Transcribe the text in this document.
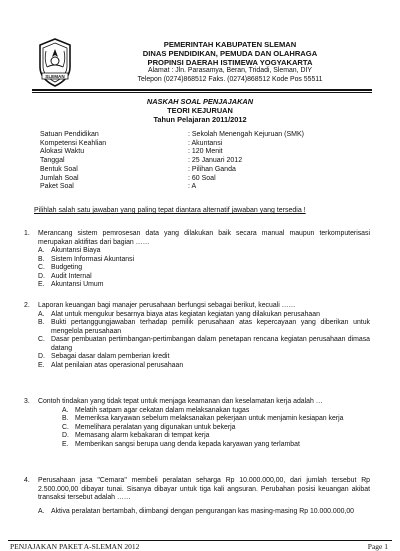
SLEMAN
PEMERINTAH KABUPATEN SLEMAN
DINAS PENDIDIKAN, PEMUDA DAN OLAHRAGA
PROPINSI DAERAH ISTIMEWA YOGYAKARTA
Alamat : Jln. Parasamya, Beran, Tridadi, Sleman, DIY
Telepon (0274)868512 Faks. (0274)868512 Kode Pos 55511
NASKAH SOAL PENJAJAKAN
TEORI KEJURUAN
Tahun Pelajaran 2011/2012
Satuan Pendidikan	: Sekolah Menengah Kejuruan (SMK)
Kompetensi Keahlian	: Akuntansi
Alokasi Waktu	: 120 Menit
Tanggal	: 25 Januari 2012
Bentuk Soal	: Pilihan Ganda
Jumlah Soal	: 60 Soal
Paket Soal	: A
Pilihlah salah satu jawaban yang paling tepat diantara alternatif jawaban yang tersedia !
1.	Merancang sistem pemrosesan data yang dilakukan baik secara manual maupun terkomputerisasi merupakan aktifitas dari bagian ……
A. Akuntansi Biaya
B. Sistem Informasi Akuntansi
C. Budgeting
D. Audit Internal
E. Akuntansi Umum
2.	Laporan keuangan bagi manajer perusahaan berfungsi sebagai berikut, kecuali ……
A. Alat untuk mengukur besarnya biaya atas kegiatan kegiatan yang dilakukan perusahaan
B. Bukti pertanggungjawaban terhadap pemilik perusahaan atas kepercayaan yang diberikan untuk mengelola perusahaan
C. Dasar pembuatan pertimbangan-pertimbangan dalam penetapan rencana kegiatan perusahaan dimasa datang
D. Sebagai dasar dalam pemberian kredit
E. Alat penilaian atas operasional perusahaan
3.	Contoh tindakan yang tidak tepat untuk menjaga keamanan dan keselamatan kerja adalah …
A. Melatih satpam agar cekatan dalam melaksanakan tugas
B. Memeriksa karyawan sebelum melaksanakan pekerjaan untuk menjamin kesiapan kerja
C. Memelihara peralatan yang digunakan untuk bekerja
D. Memasang alarm kebakaran di tempat kerja
E. Memberikan sangsi berupa uang denda kepada karyawan yang terlambat
4.	Perusahaan jasa "Cemara" membeli peralatan seharga Rp 10.000.000,00, dari jumlah tersebut Rp 2.500.000,00 dibayar tunai. Sisanya dibayar untuk tiga kali angsuran. Perubahan posisi keuangan akibat transaksi tersebut adalah ……
A. Aktiva peralatan bertambah, diimbangi dengan pengurangan kas masing-masing Rp 10.000.000,00
PENJAJAKAN PAKET A-SLEMAN 2012	Page 1
